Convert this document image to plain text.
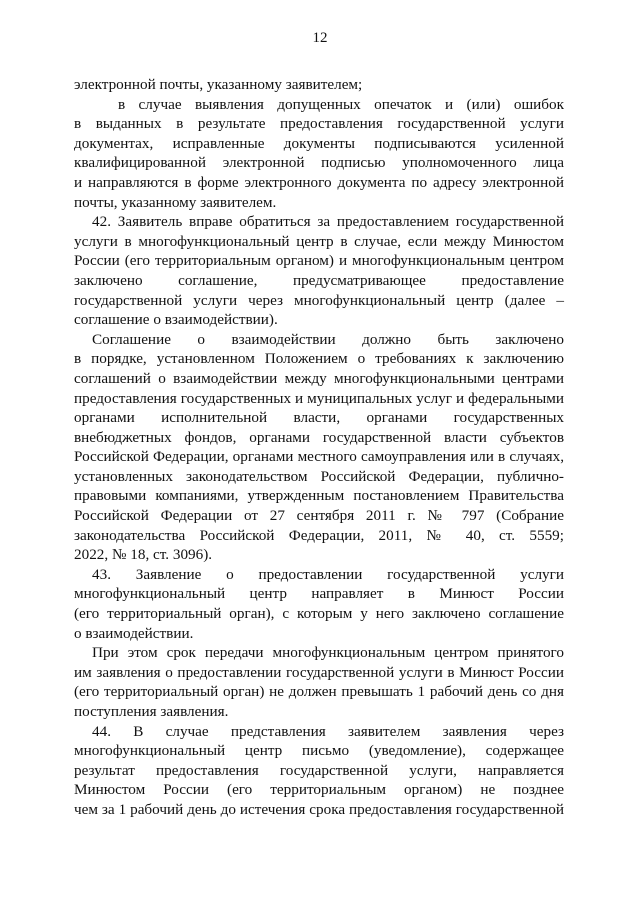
12
электронной почты, указанному заявителем;
в случае выявления допущенных опечаток и (или) ошибок
в выданных в результате предоставления государственной услуги
документах, исправленные документы подписываются усиленной
квалифицированной электронной подписью уполномоченного лица
и направляются в форме электронного документа по адресу электронной
почты, указанному заявителем.
42. Заявитель вправе обратиться за предоставлением государственной
услуги в многофункциональный центр в случае, если между Минюстом
России (его территориальным органом) и многофункциональным центром
заключено соглашение, предусматривающее предоставление
государственной услуги через многофункциональный центр (далее –
соглашение о взаимодействии).
Соглашение о взаимодействии должно быть заключено
в порядке, установленном Положением о требованиях к заключению
соглашений о взаимодействии между многофункциональными центрами
предоставления государственных и муниципальных услуг и федеральными
органами исполнительной власти, органами государственных
внебюджетных фондов, органами государственной власти субъектов
Российской Федерации, органами местного самоуправления или в случаях,
установленных законодательством Российской Федерации, публично-
правовыми компаниями, утвержденным постановлением Правительства
Российской Федерации от 27 сентября 2011 г. № 797 (Собрание
законодательства Российской Федерации, 2011, № 40, ст. 5559;
2022, № 18, ст. 3096).
43. Заявление о предоставлении государственной услуги
многофункциональный центр направляет в Минюст России
(его территориальный орган), с которым у него заключено соглашение
о взаимодействии.
При этом срок передачи многофункциональным центром принятого
им заявления о предоставлении государственной услуги в Минюст России
(его территориальный орган) не должен превышать 1 рабочий день со дня
поступления заявления.
44. В случае представления заявителем заявления через
многофункциональный центр письмо (уведомление), содержащее
результат предоставления государственной услуги, направляется
Минюстом России (его территориальным органом) не позднее
чем за 1 рабочий день до истечения срока предоставления государственной
